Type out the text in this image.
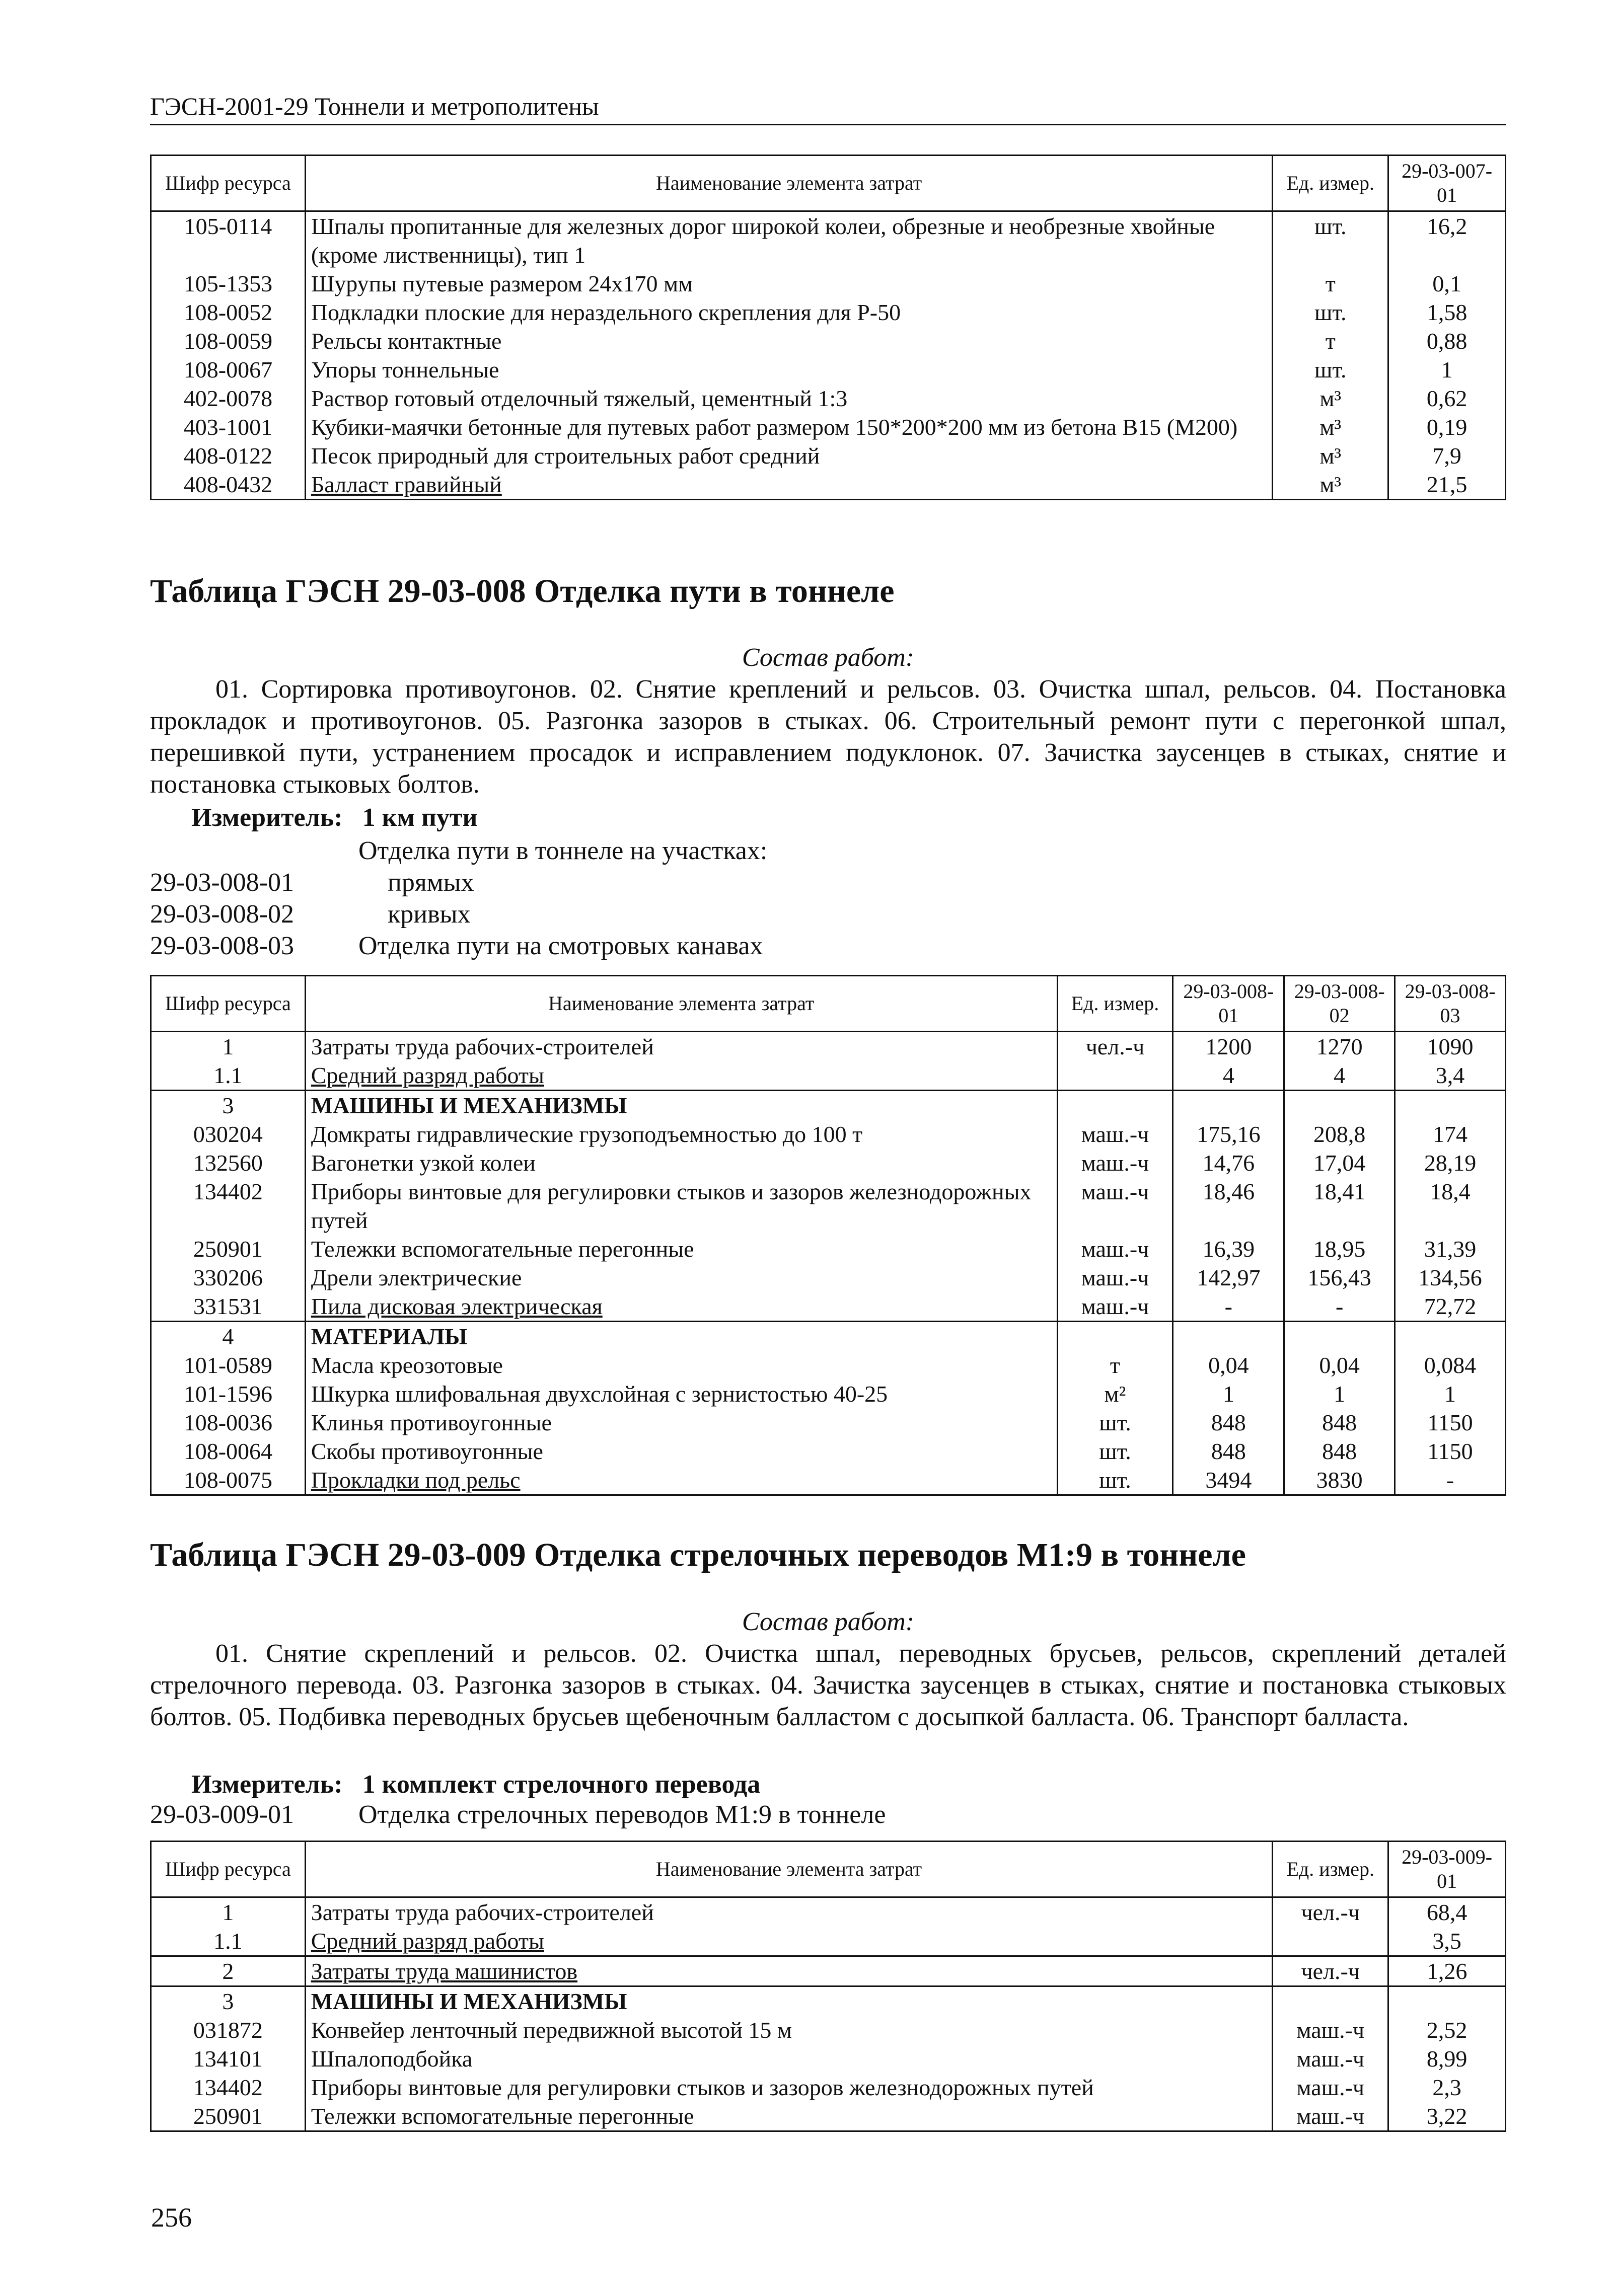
ГЭСН-2001-29 Тоннели и метрополитены
Шифр ресурса	Наименование элемента затрат	Ед. измер.	29-03-007-01
105-0114	Шпалы пропитанные для железных дорог широкой колеи, обрезные и необрезные хвойные (кроме лиственницы), тип 1	шт.	16,2
105-1353	Шурупы путевые размером 24x170 мм	т	0,1
108-0052	Подкладки плоские для нераздельного скрепления для Р-50	шт.	1,58
108-0059	Рельсы контактные	т	0,88
108-0067	Упоры тоннельные	шт.	1
402-0078	Раствор готовый отделочный тяжелый, цементный 1:3	м³	0,62
403-1001	Кубики-маячки бетонные для путевых работ размером 150*200*200 мм из бетона В15 (М200)	м³	0,19
408-0122	Песок природный для строительных работ средний	м³	7,9
408-0432	Балласт гравийный	м³	21,5
Таблица ГЭСН 29-03-008 Отделка пути в тоннеле
Состав работ:
01. Сортировка противоугонов. 02. Снятие креплений и рельсов. 03. Очистка шпал, рельсов. 04. Постановка прокладок и противоугонов. 05. Разгонка зазоров в стыках. 06. Строительный ремонт пути с перегонкой шпал, перешивкой пути, устранением просадок и исправлением подуклонок. 07. Зачистка заусенцев в стыках, снятие и постановка стыковых болтов.
Измеритель: 1 км пути
Отделка пути в тоннеле на участках:
29-03-008-01	прямых
29-03-008-02	кривых
29-03-008-03 Отделка пути на смотровых канавах
Шифр ресурса	Наименование элемента затрат	Ед. измер.	29-03-008-01	29-03-008-02	29-03-008-03
1	Затраты труда рабочих-строителей	чел.-ч	1200	1270	1090
1.1	Средний разряд работы		4	4	3,4
3	МАШИНЫ И МЕХАНИЗМЫ				
030204	Домкраты гидравлические грузоподъемностью до 100 т	маш.-ч	175,16	208,8	174
132560	Вагонетки узкой колеи	маш.-ч	14,76	17,04	28,19
134402	Приборы винтовые для регулировки стыков и зазоров железнодорожных путей	маш.-ч	18,46	18,41	18,4
250901	Тележки вспомогательные перегонные	маш.-ч	16,39	18,95	31,39
330206	Дрели электрические	маш.-ч	142,97	156,43	134,56
331531	Пила дисковая электрическая	маш.-ч	-	-	72,72
4	МАТЕРИАЛЫ				
101-0589	Масла креозотовые	т	0,04	0,04	0,084
101-1596	Шкурка шлифовальная двухслойная с зернистостью 40-25	м²	1	1	1
108-0036	Клинья противоугонные	шт.	848	848	1150
108-0064	Скобы противоугонные	шт.	848	848	1150
108-0075	Прокладки под рельс	шт.	3494	3830	-
Таблица ГЭСН 29-03-009 Отделка стрелочных переводов М1:9 в тоннеле
Состав работ:
01. Снятие скреплений и рельсов. 02. Очистка шпал, переводных брусьев, рельсов, скреплений деталей стрелочного перевода. 03. Разгонка зазоров в стыках. 04. Зачистка заусенцев в стыках, снятие и постановка стыковых болтов. 05. Подбивка переводных брусьев щебеночным балластом с досыпкой балласта. 06. Транспорт балласта.
Измеритель: 1 комплект стрелочного перевода
29-03-009-01 Отделка стрелочных переводов М1:9 в тоннеле
Шифр ресурса	Наименование элемента затрат	Ед. измер.	29-03-009-01
1	Затраты труда рабочих-строителей	чел.-ч	68,4
1.1	Средний разряд работы		3,5
2	Затраты труда машинистов	чел.-ч	1,26
3	МАШИНЫ И МЕХАНИЗМЫ		
031872	Конвейер ленточный передвижной высотой 15 м	маш.-ч	2,52
134101	Шпалоподбойка	маш.-ч	8,99
134402	Приборы винтовые для регулировки стыков и зазоров железнодорожных путей	маш.-ч	2,3
250901	Тележки вспомогательные перегонные	маш.-ч	3,22
256
